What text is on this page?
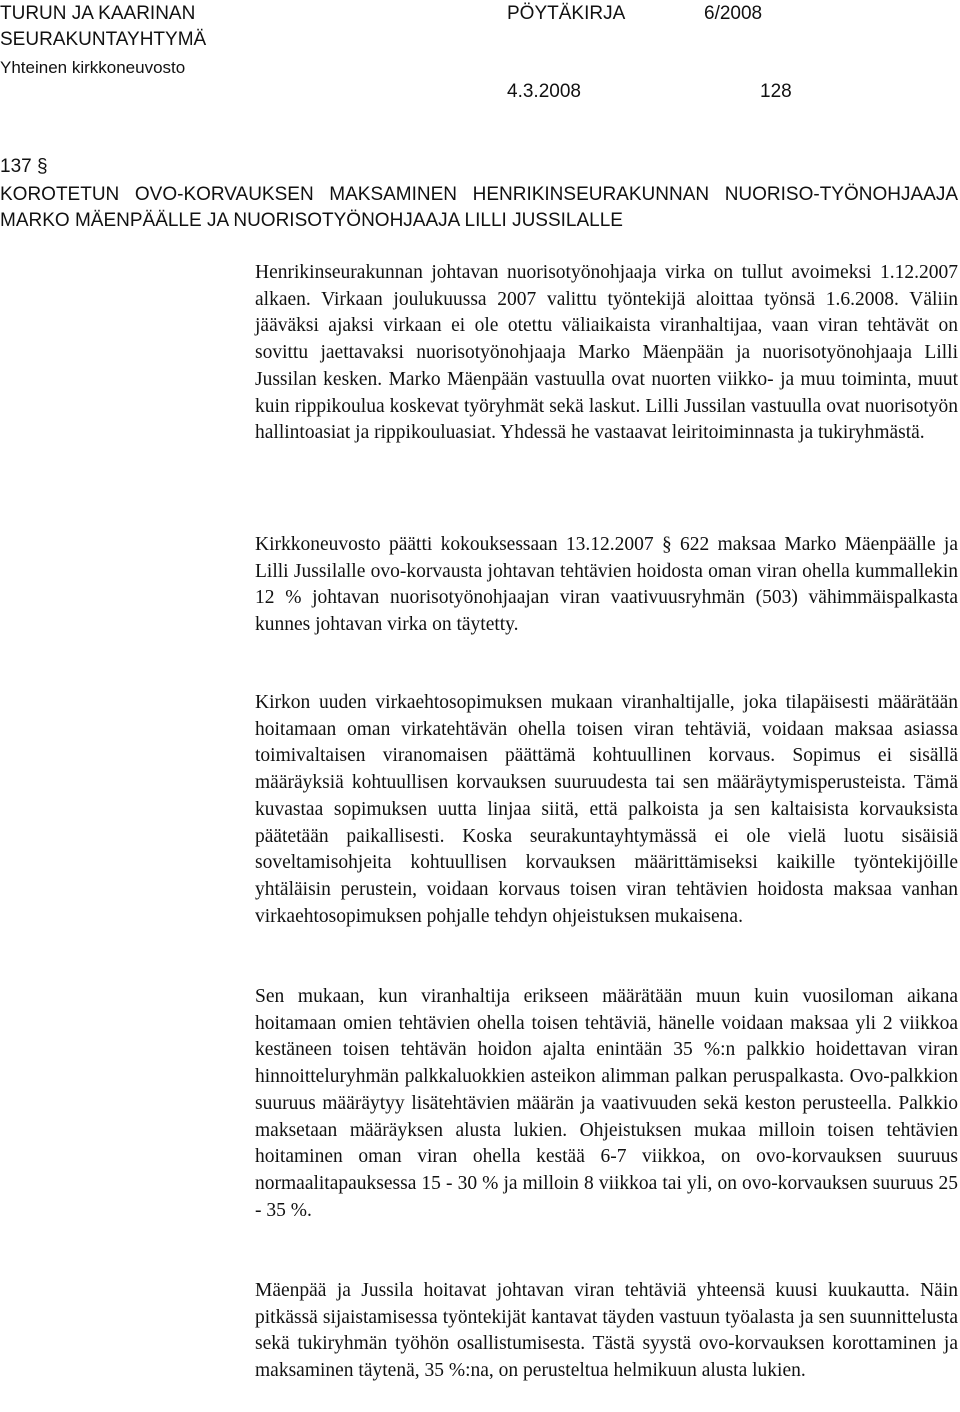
TURUN JA KAARINAN
SEURAKUNTAYHTYMÄ
Yhteinen kirkkoneuvosto
PÖYTÄKIRJA	6/2008
4.3.2008	128
137 §
KOROTETUN OVO-KORVAUKSEN MAKSAMINEN HENRIKINSEURAKUNNAN NUORISO-TYÖNOHJAAJA MARKO MÄENPÄÄLLE JA NUORISOTYÖNOHJAAJA LILLI JUSSILALLE

Henrikinseurakunnan johtavan nuorisotyönohjaaja virka on tullut avoimeksi 1.12.2007 alkaen. Virkaan joulukuussa 2007 valittu työntekijä aloittaa työnsä 1.6.2008. Väliin jääväksi ajaksi virkaan ei ole otettu väliaikaista viranhaltijaa, vaan viran tehtävät on sovittu jaettavaksi nuorisotyönohjaaja Marko Mäenpään ja nuorisotyönohjaaja Lilli Jussilan kesken. Marko Mäenpään vastuulla ovat nuorten viikko- ja muu toiminta, muut kuin rippikoulua koskevat työryhmät sekä laskut. Lilli Jussilan vastuulla ovat nuorisotyön hallintoasiat ja rippikouluasiat. Yhdessä he vastaavat leiritoiminnasta ja tukiryhmästä.

Kirkkoneuvosto päätti kokouksessaan 13.12.2007 § 622 maksaa Marko Mäenpäälle ja Lilli Jussilalle ovo-korvausta johtavan tehtävien hoidosta oman viran ohella kummallekin 12 % johtavan nuorisotyönohjaajan viran vaativuusryhmän (503) vähimmäispalkasta kunnes johtavan virka on täytetty.

Kirkon uuden virkaehtosopimuksen mukaan viranhaltijalle, joka tilapäisesti määrätään hoitamaan oman virkatehtävän ohella toisen viran tehtäviä, voidaan maksaa asiassa toimivaltaisen viranomaisen päättämä kohtuullinen korvaus. Sopimus ei sisällä määräyksiä kohtuullisen korvauksen suuruudesta tai sen määräytymisperusteista. Tämä kuvastaa sopimuksen uutta linjaa siitä, että palkoista ja sen kaltaisista korvauksista päätetään paikallisesti. Koska seurakuntayhtymässä ei ole vielä luotu sisäisiä soveltamisohjeita kohtuullisen korvauksen määrittämiseksi kaikille työntekijöille yhtäläisin perustein, voidaan korvaus toisen viran tehtävien hoidosta maksaa vanhan virkaehtosopimuksen pohjalle tehdyn ohjeistuksen mukaisena.

Sen mukaan, kun viranhaltija erikseen määrätään muun kuin vuosiloman aikana hoitamaan omien tehtävien ohella toisen tehtäviä, hänelle voidaan maksaa yli 2 viikkoa kestäneen toisen tehtävän hoidon ajalta enintään 35 %:n palkkio hoidettavan viran hinnoitteluryhmän palkkaluokkien asteikon alimman palkan peruspalkasta. Ovo-palkkion suuruus määräytyy lisätehtävien määrän ja vaativuuden sekä keston perusteella. Palkkio maksetaan määräyksen alusta lukien. Ohjeistuksen mukaa milloin toisen tehtävien hoitaminen oman viran ohella kestää 6-7 viikkoa, on ovo-korvauksen suuruus normaalitapauksessa 15 - 30 % ja milloin 8 viikkoa tai yli, on ovo-korvauksen suuruus 25 - 35 %.

Mäenpää ja Jussila hoitavat johtavan viran tehtäviä yhteensä kuusi kuukautta. Näin pitkässä sijaistamisessa työntekijät kantavat täyden vastuun työalasta ja sen suunnittelusta sekä tukiryhmän työhön osallistumisesta. Tästä syystä ovo-korvauksen korottaminen ja maksaminen täytenä, 35 %:na, on perusteltua helmikuun alusta lukien.
